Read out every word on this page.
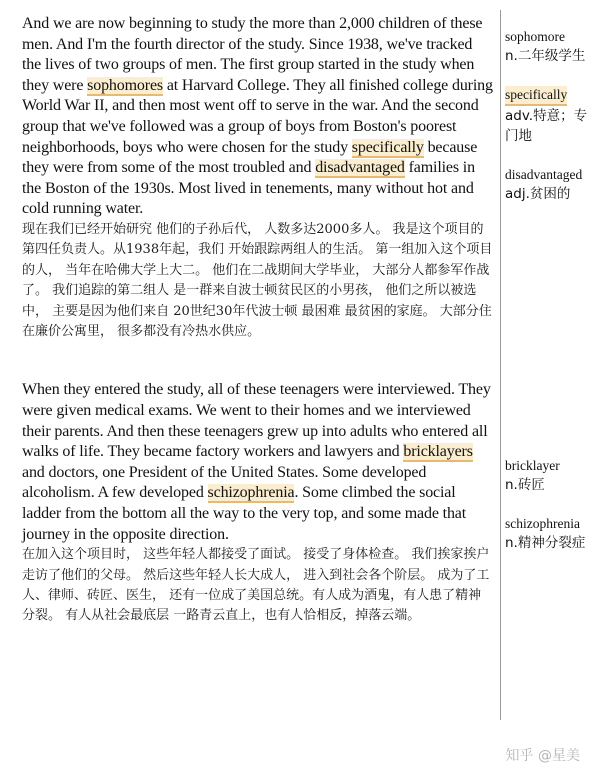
And we are now beginning to study the more than 2,000 children of these men. And I'm the fourth director of the study. Since 1938, we've tracked the lives of two groups of men. The first group started in the study when they were sophomores at Harvard College. They all finished college during World War II, and then most went off to serve in the war. And the second group that we've followed was a group of boys from Boston's poorest neighborhoods, boys who were chosen for the study specifically because they were from some of the most troubled and disadvantaged families in the Boston of the 1930s. Most lived in tenements, many without hot and cold running water.

现在我们已经开始研究 他们的子孙后代， 人数多达2000多人。 我是这个项目的第四任负责人。从1938年起，我们 开始跟踪两组人的生活。 第一组加入这个项目的人， 当年在哈佛大学上大二。 他们在二战期间大学毕业， 大部分人都参军作战了。 我们追踪的第二组人 是一群来自波士顿贫民区的小男孩， 他们之所以被选中， 主要是因为他们来自 20世纪30年代波士顿 最困难 最贫困的家庭。 大部分住在廉价公寓里， 很多都没有冷热水供应。

When they entered the study, all of these teenagers were interviewed. They were given medical exams. We went to their homes and we interviewed their parents. And then these teenagers grew up into adults who entered all walks of life. They became factory workers and lawyers and bricklayers and doctors, one President of the United States. Some developed alcoholism. A few developed schizophrenia. Some climbed the social ladder from the bottom all the way to the very top, and some made that journey in the opposite direction.

在加入这个项目时， 这些年轻人都接受了面试。 接受了身体检查。 我们挨家挨户走访了他们的父母。 然后这些年轻人长大成人， 进入到社会各个阶层。 成为了工人、律师、砖匠、医生， 还有一位成了美国总统。有人成为酒鬼，有人患了精神分裂。 有人从社会最底层 一路青云直上，也有人恰相反，掉落云端。

sophomore
n.二年级学生
specifically
adv.特意；专门地
disadvantaged
adj.贫困的
bricklayer
n.砖匠
schizophrenia
n.精神分裂症
知乎 @星美
